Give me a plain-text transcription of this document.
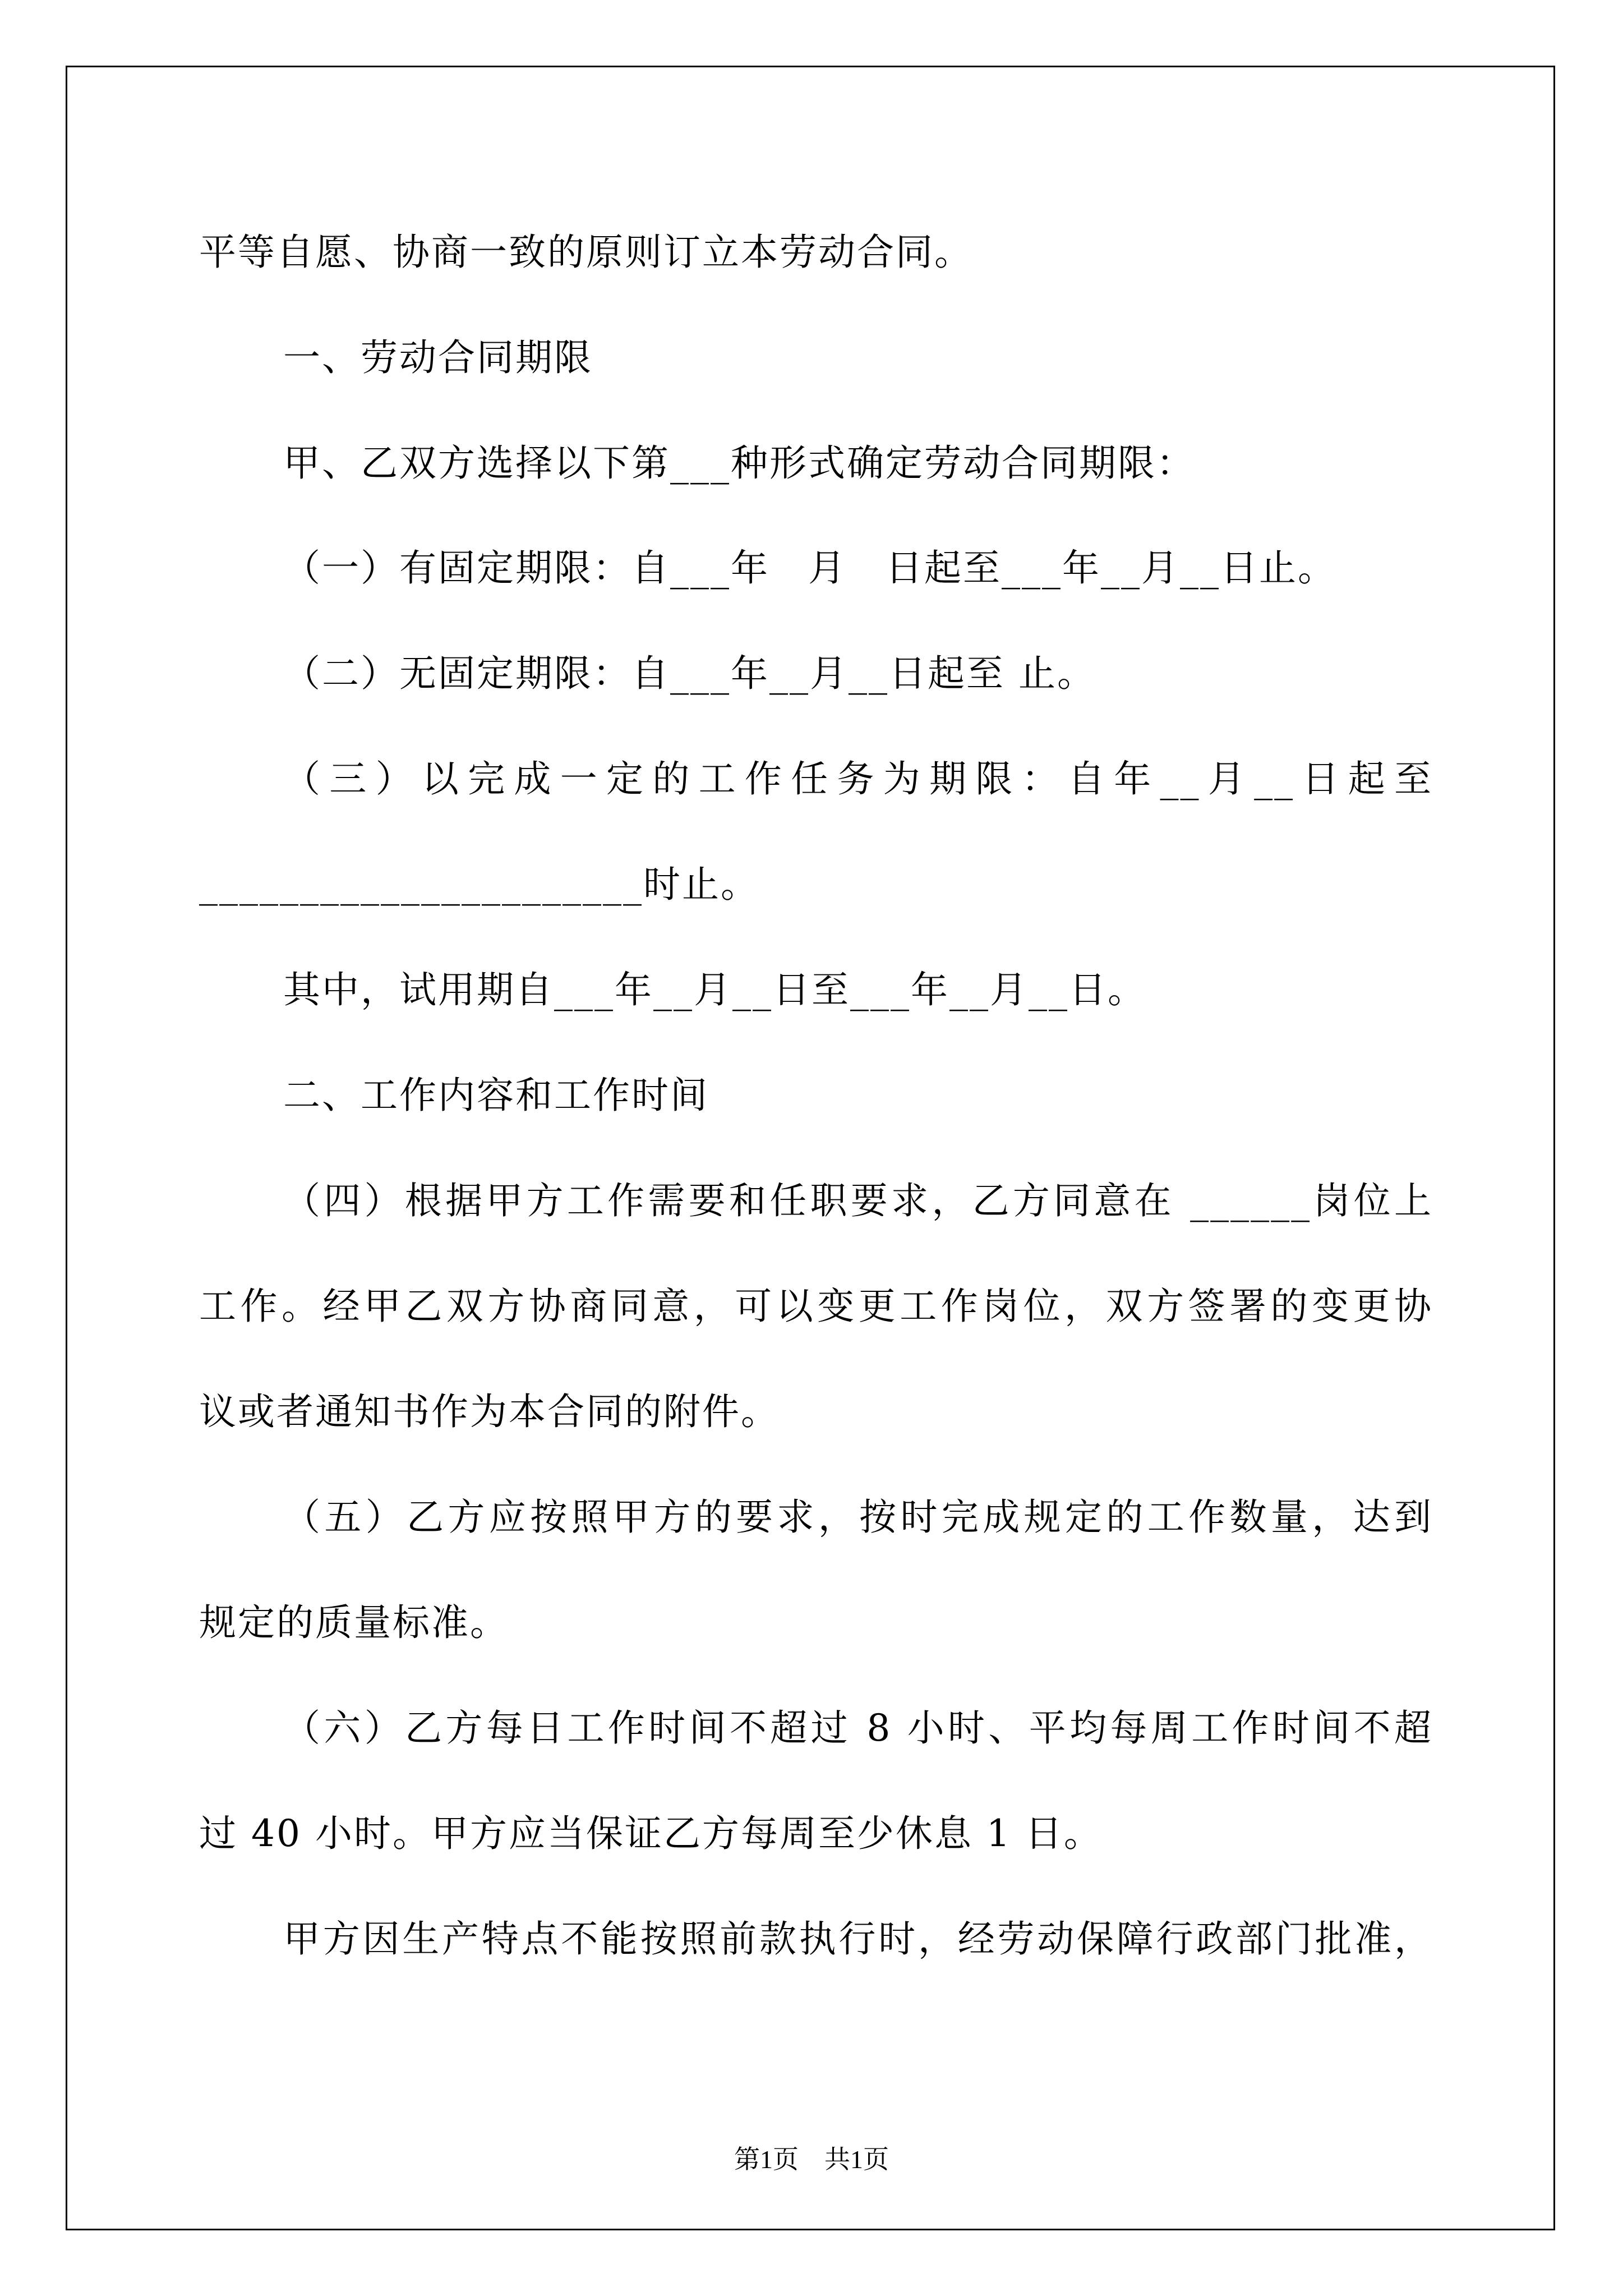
平等自愿、协商一致的原则订立本劳动合同。
一、劳动合同期限
甲、乙双方选择以下第___种形式确定劳动合同期限：
（一）有固定期限：自___年　月　日起至___年__月__日止。
（二）无固定期限：自___年__月__日起至 止。
（三）以完成一定的工作任务为期限：自年__月__日起至
______________________时止。
其中，试用期自___年__月__日至___年__月__日。
二、工作内容和工作时间
（四）根据甲方工作需要和任职要求，乙方同意在 ______岗位上
工作。经甲乙双方协商同意，可以变更工作岗位，双方签署的变更协
议或者通知书作为本合同的附件。
（五）乙方应按照甲方的要求，按时完成规定的工作数量，达到
规定的质量标准。
（六）乙方每日工作时间不超过 8 小时、平均每周工作时间不超
过 40 小时。甲方应当保证乙方每周至少休息 1 日。
甲方因生产特点不能按照前款执行时，经劳动保障行政部门批准，
第1页　共1页
